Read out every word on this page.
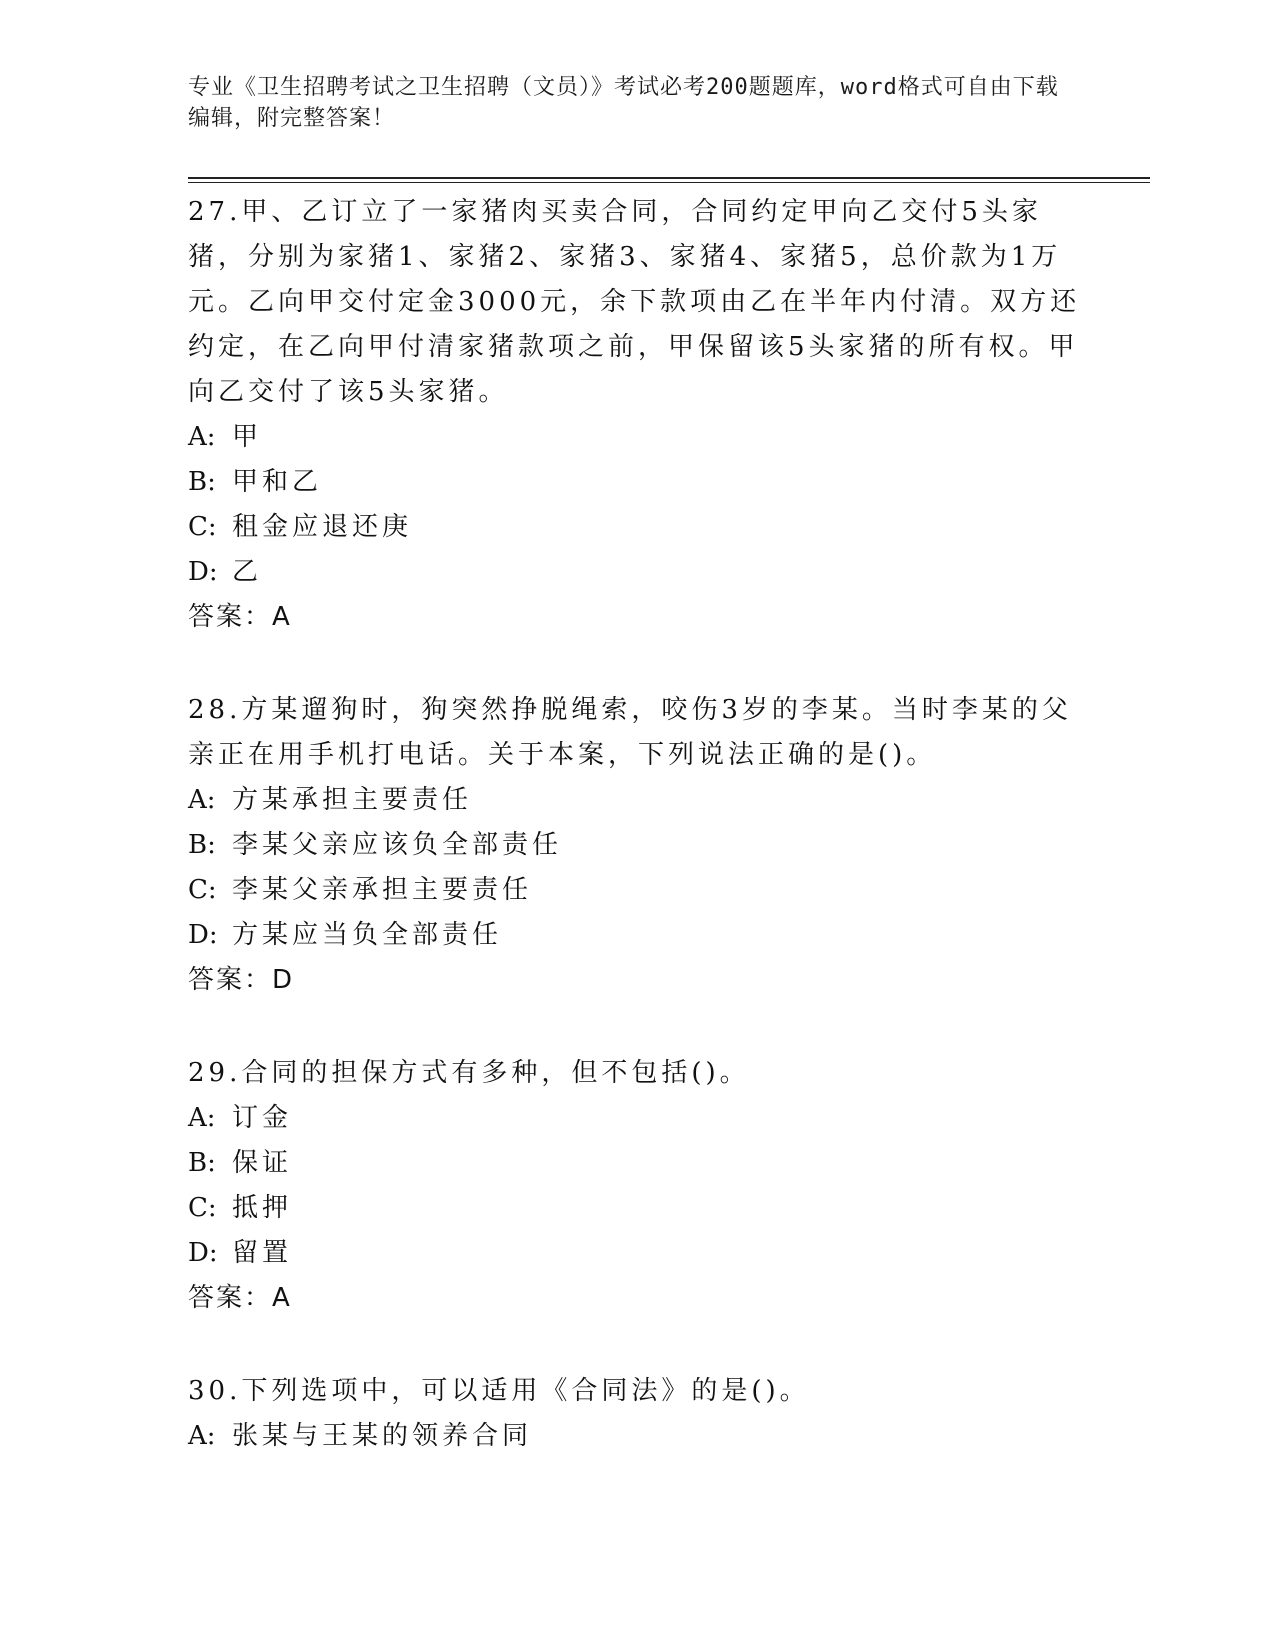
专业《卫生招聘考试之卫生招聘（文员）》考试必考200题题库，word格式可自由下载编辑，附完整答案！

27.甲、乙订立了一家猪肉买卖合同，合同约定甲向乙交付5头家猪，分别为家猪1、家猪2、家猪3、家猪4、家猪5，总价款为1万元。乙向甲交付定金3000元，余下款项由乙在半年内付清。双方还约定，在乙向甲付清家猪款项之前，甲保留该5头家猪的所有权。甲向乙交付了该5头家猪。

A: 甲

B: 甲和乙

C: 租金应退还庚

D: 乙

答案：A

28.方某遛狗时，狗突然挣脱绳索，咬伤3岁的李某。当时李某的父亲正在用手机打电话。关于本案，下列说法正确的是()。

A: 方某承担主要责任

B: 李某父亲应该负全部责任

C: 李某父亲承担主要责任

D: 方某应当负全部责任

答案：D

29.合同的担保方式有多种，但不包括()。

A: 订金

B: 保证

C: 抵押

D: 留置

答案：A

30.下列选项中，可以适用《合同法》的是()。

A: 张某与王某的领养合同
